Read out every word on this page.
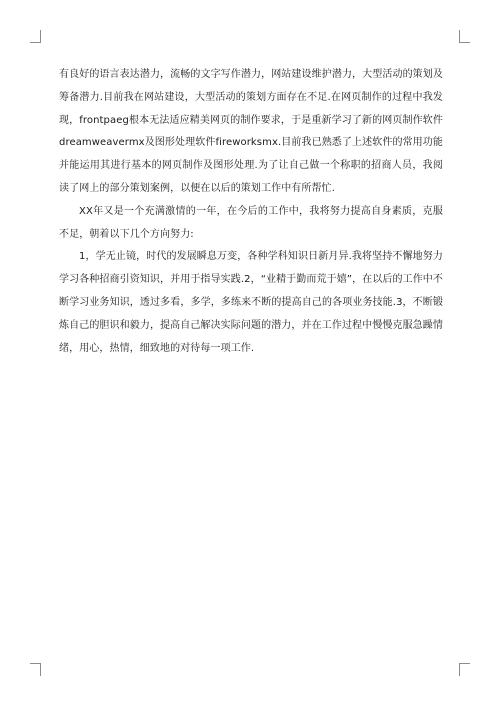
有良好的语言表达潜力，流畅的文字写作潜力，网站建设维护潜力，大型活动的策划及筹备潜力.目前我在网站建设，大型活动的策划方面存在不足.在网页制作的过程中我发现，frontpaeg根本无法适应精美网页的制作要求，于是重新学习了新的网页制作软件dreamweavermx及图形处理软件fireworksmx.目前我已熟悉了上述软件的常用功能并能运用其进行基本的网页制作及图形处理.为了让自己做一个称职的招商人员，我阅读了网上的部分策划案例，以便在以后的策划工作中有所帮忙.

XX年又是一个充满激情的一年，在今后的工作中，我将努力提高自身素质，克服不足，朝着以下几个方向努力:

1，学无止镜，时代的发展瞬息万变，各种学科知识日新月异.我将坚持不懈地努力学习各种招商引资知识，并用于指导实践.2，“业精于勤而荒于嬉”，在以后的工作中不断学习业务知识，透过多看，多学，多练来不断的提高自己的各项业务技能.3，不断锻炼自己的胆识和毅力，提高自己解决实际问题的潜力，并在工作过程中慢慢克服急躁情绪，用心，热情，细致地的对待每一项工作.
